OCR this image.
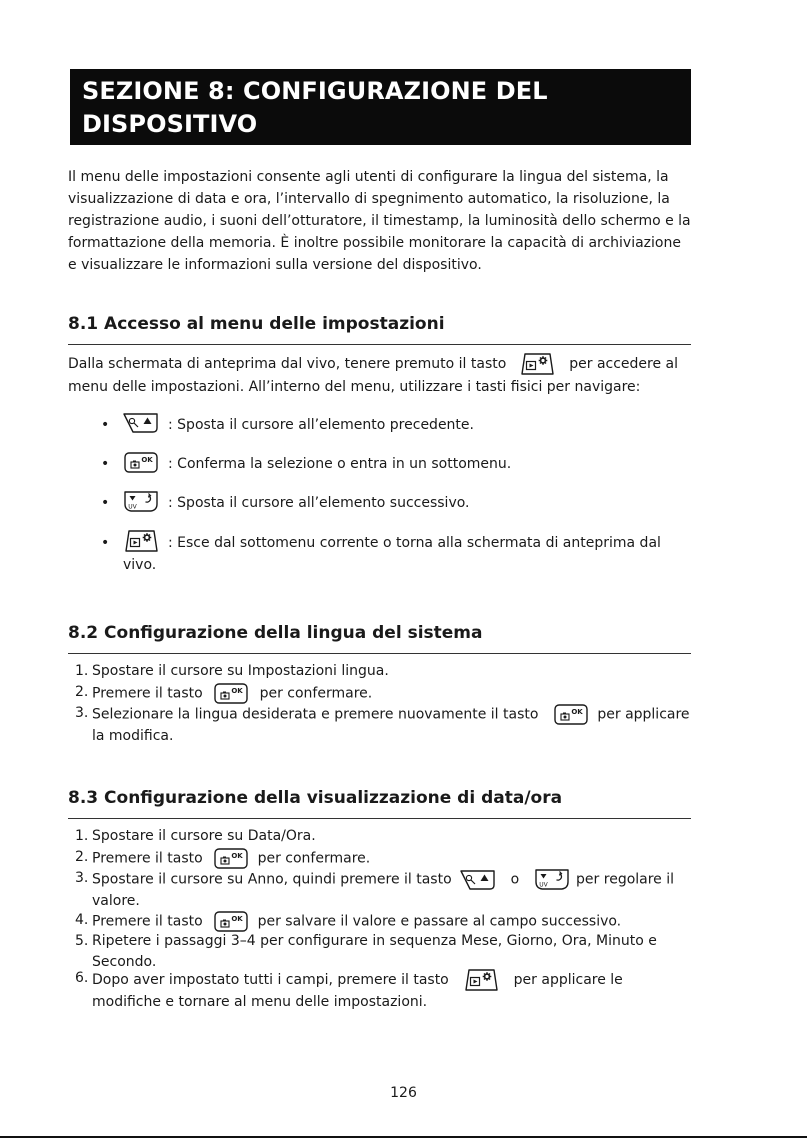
SEZIONE 8: CONFIGURAZIONE DEL
DISPOSITIVO

Il menu delle impostazioni consente agli utenti di configurare la lingua del sistema, la visualizzazione di data e ora, l’intervallo di spegnimento automatico, la risoluzione, la registrazione audio, i suoni dell’otturatore, il timestamp, la luminosità dello schermo e la formattazione della memoria. È inoltre possibile monitorare la capacità di archiviazione e visualizzare le informazioni sulla versione del dispositivo.

8.1 Accesso al menu delle impostazioni

Dalla schermata di anteprima dal vivo, tenere premuto il tasto	per accedere al menu delle impostazioni. All’interno del menu, utilizzare i tasti fisici per navigare:

•	: Sposta il cursore all’elemento precedente.
•	OK : Conferma la selezione o entra in un sottomenu.
•	UV : Sposta il cursore all’elemento successivo.
•	: Esce dal sottomenu corrente o torna alla schermata di anteprima dal vivo.
8.2 Configurazione della lingua del sistema
1. Spostare il cursore su Impostazioni lingua.
2. Premere il tasto	OK per confermare.
3. Selezionare la lingua desiderata e premere nuovamente il tasto	OK per applicare la modifica.
8.3 Configurazione della visualizzazione di data/ora
1. Spostare il cursore su Data/Ora.
2. Premere il tasto	OK per confermare.
3. Spostare il cursore su Anno, quindi premere il tasto	o	UV per regolare il valore.
4. Premere il tasto	OK per salvare il valore e passare al campo successivo.
5. Ripetere i passaggi 3–4 per configurare in sequenza Mese, Giorno, Ora, Minuto e Secondo.
6. Dopo aver impostato tutti i campi, premere il tasto	per applicare le modifiche e tornare al menu delle impostazioni.
126
